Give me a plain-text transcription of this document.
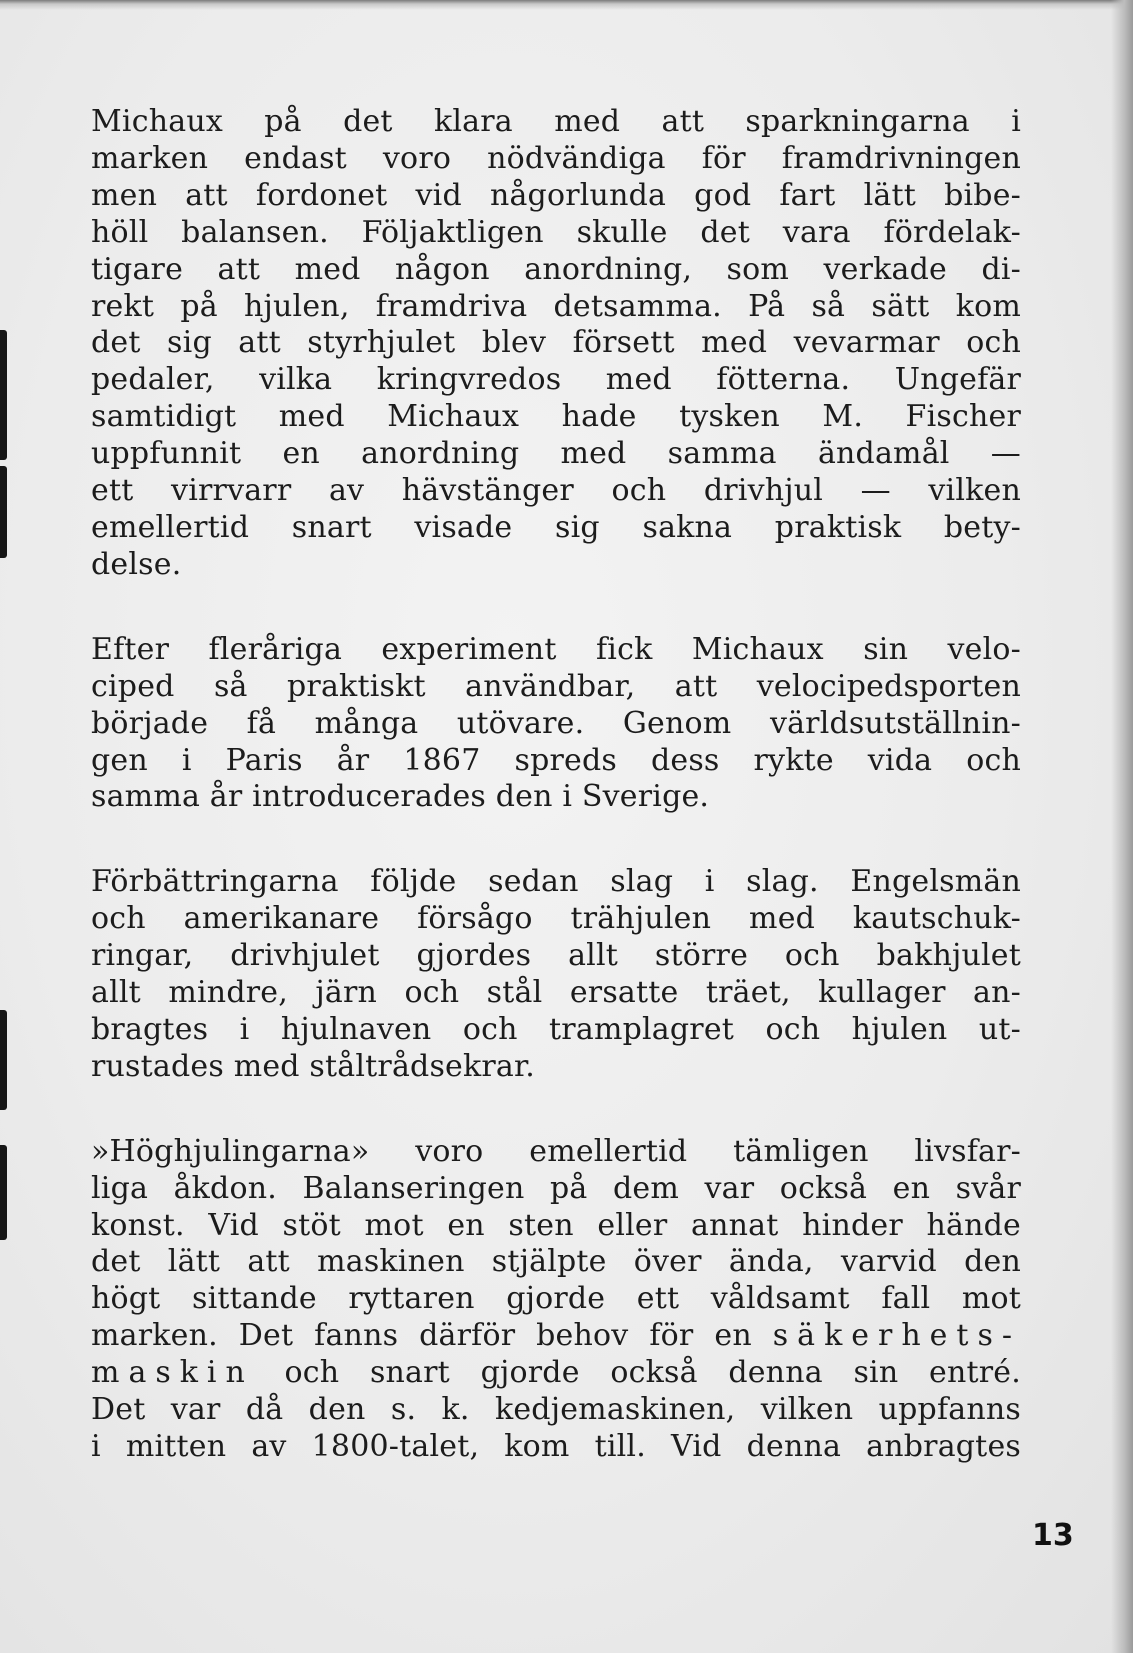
Michaux på det klara med att sparkningarna i
marken endast voro nödvändiga för framdrivningen
men att fordonet vid någorlunda god fart lätt bibe-
höll balansen. Följaktligen skulle det vara fördelak-
tigare att med någon anordning, som verkade di-
rekt på hjulen, framdriva detsamma. På så sätt kom
det sig att styrhjulet blev försett med vevarmar och
pedaler, vilka kringvredos med fötterna. Ungefär
samtidigt med Michaux hade tysken M. Fischer
uppfunnit en anordning med samma ändamål —
ett virrvarr av hävstänger och drivhjul — vilken
emellertid snart visade sig sakna praktisk bety-
delse.
Efter fleråriga experiment fick Michaux sin velo-
ciped så praktiskt användbar, att velocipedsporten
började få många utövare. Genom världsutställnin-
gen i Paris år 1867 spreds dess rykte vida och
samma år introducerades den i Sverige.
Förbättringarna följde sedan slag i slag. Engelsmän
och amerikanare försågo trähjulen med kautschuk-
ringar, drivhjulet gjordes allt större och bakhjulet
allt mindre, järn och stål ersatte träet, kullager an-
bragtes i hjulnaven och tramplagret och hjulen ut-
rustades med ståltrådsekrar.
»Höghjulingarna» voro emellertid tämligen livsfar-
liga åkdon. Balanseringen på dem var också en svår
konst. Vid stöt mot en sten eller annat hinder hände
det lätt att maskinen stjälpte över ända, varvid den
högt sittande ryttaren gjorde ett våldsamt fall mot
marken. Det fanns därför behov för en säkerhets-
maskin och snart gjorde också denna sin entré.
Det var då den s. k. kedjemaskinen, vilken uppfanns
i mitten av 1800-talet, kom till. Vid denna anbragtes
13
